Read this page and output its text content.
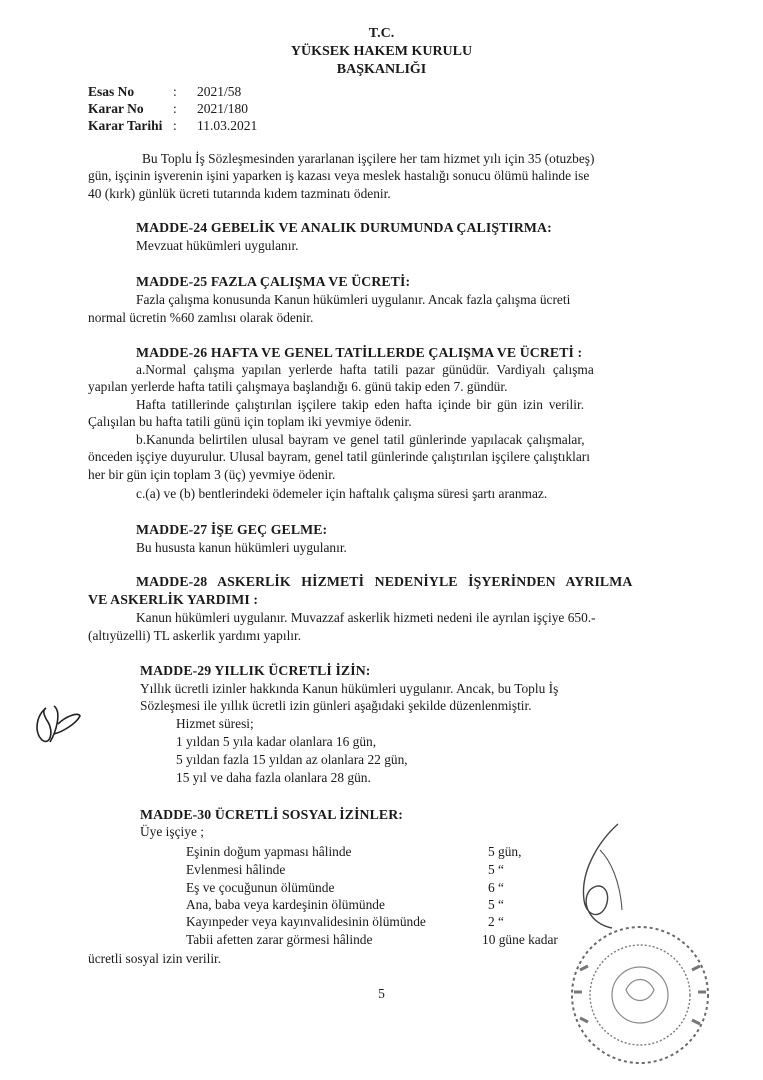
T.C.
YÜKSEK HAKEM KURULU
BAŞKANLIĞI
Esas No	: 2021/58
Karar No : 2021/180
Karar Tarihi : 11.03.2021
Bu Toplu İş Sözleşmesinden yararlanan işçilere her tam hizmet yılı için 35 (otuzbeş)
gün, işçinin işverenin işini yaparken iş kazası veya meslek hastalığı sonucu ölümü halinde ise
40 (kırk) günlük ücreti tutarında kıdem tazminatı ödenir.
MADDE-24 GEBELİK VE ANALIK DURUMUNDA ÇALIŞTIRMA:
Mevzuat hükümleri uygulanır.
MADDE-25 FAZLA ÇALIŞMA VE ÜCRETİ:
Fazla çalışma konusunda Kanun hükümleri uygulanır. Ancak fazla çalışma ücreti
normal ücretin %60 zamlısı olarak ödenir.
MADDE-26 HAFTA VE GENEL TATİLLERDE ÇALIŞMA VE ÜCRETİ :
a.Normal çalışma yapılan yerlerde hafta tatili pazar günüdür. Vardiyalı çalışma
yapılan yerlerde hafta tatili çalışmaya başlandığı 6. günü takip eden 7. gündür.
Hafta tatillerinde çalıştırılan işçilere takip eden hafta içinde bir gün izin verilir.
Çalışılan bu hafta tatili günü için toplam iki yevmiye ödenir.
b.Kanunda belirtilen ulusal bayram ve genel tatil günlerinde yapılacak çalışmalar,
önceden işçiye duyurulur. Ulusal bayram, genel tatil günlerinde çalıştırılan işçilere çalıştıkları
her bir gün için toplam 3 (üç) yevmiye ödenir.
c.(a) ve (b) bentlerindeki ödemeler için haftalık çalışma süresi şartı aranmaz.
MADDE-27 İŞE GEÇ GELME:
Bu hususta kanun hükümleri uygulanır.
MADDE-28 ASKERLİK HİZMETİ NEDENİYLE İŞYERİNDEN AYRILMA
VE ASKERLİK YARDIMI :
Kanun hükümleri uygulanır. Muvazzaf askerlik hizmeti nedeni ile ayrılan işçiye 650.-
(altıyüzelli) TL askerlik yardımı yapılır.
MADDE-29 YILLIK ÜCRETLİ İZİN:
Yıllık ücretli izinler hakkında Kanun hükümleri uygulanır. Ancak, bu Toplu İş
Sözleşmesi ile yıllık ücretli izin günleri aşağıdaki şekilde düzenlenmiştir.
Hizmet süresi;
1 yıldan 5 yıla kadar olanlara 16 gün,
5 yıldan fazla 15 yıldan az olanlara 22 gün,
15 yıl ve daha fazla olanlara 28 gün.
MADDE-30 ÜCRETLİ SOSYAL İZİNLER:
Üye işçiye ;
Eşinin doğum yapması hâlinde	5 gün,
Evlenmesi hâlinde	5 “
Eş ve çocuğunun ölümünde	6 “
Ana, baba veya kardeşinin ölümünde	5 “
Kayınpeder veya kayınvalidesinin ölümünde	2 “
Tabii afetten zarar görmesi hâlinde	10 güne kadar
ücretli sosyal izin verilir.
5
